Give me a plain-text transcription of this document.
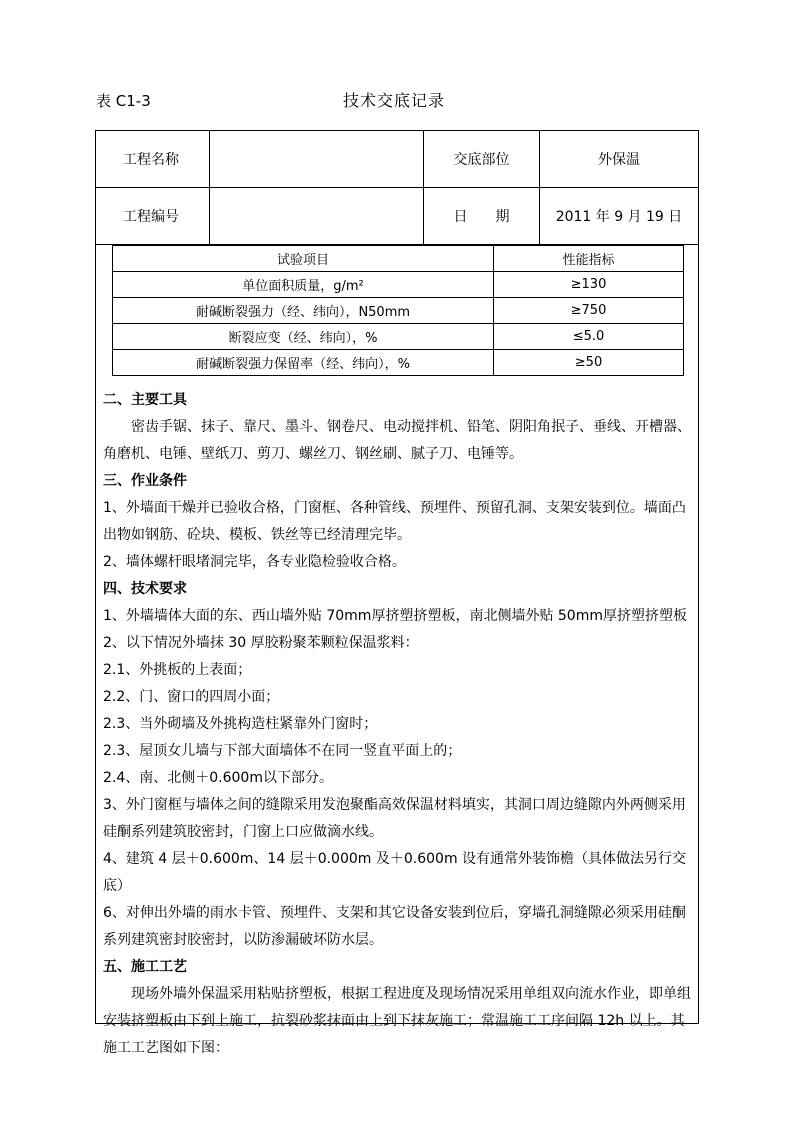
表 C1-3	技术交底记录
工程名称		交底部位	外保温
工程编号		日　　期	2011 年 9 月 19 日
试验项目	性能指标
单位面积质量，g/m²	≥130
耐碱断裂强力（经、纬向），N50mm	≥750
断裂应变（经、纬向），%	≤5.0
耐碱断裂强力保留率（经、纬向），%	≥50

二、主要工具

密齿手锯、抹子、靠尺、墨斗、钢卷尺、电动搅拌机、铅笔、阴阳角抿子、垂线、开槽器、角磨机、电锤、壁纸刀、剪刀、螺丝刀、钢丝刷、腻子刀、电锤等。

三、作业条件

1、外墙面干燥并已验收合格，门窗框、各种管线、预埋件、预留孔洞、支架安装到位。墙面凸出物如钢筋、砼块、模板、铁丝等已经清理完毕。

2、墙体螺杆眼堵洞完毕，各专业隐检验收合格。

四、技术要求

1、外墙墙体大面的东、西山墙外贴 70mm厚挤塑挤塑板，南北侧墙外贴 50mm厚挤塑挤塑板

2、以下情况外墙抹 30 厚胶粉聚苯颗粒保温浆料：

2.1、外挑板的上表面；

2.2、门、窗口的四周小面；

2.3、当外砌墙及外挑构造柱紧靠外门窗时；

2.3、屋顶女儿墙与下部大面墙体不在同一竖直平面上的；

2.4、南、北侧＋0.600m以下部分。

3、外门窗框与墙体之间的缝隙采用发泡聚酯高效保温材料填实，其洞口周边缝隙内外两侧采用硅酮系列建筑胶密封，门窗上口应做滴水线。

4、建筑 4 层＋0.600m、14 层＋0.000m 及＋0.600m 设有通常外装饰檐（具体做法另行交底）

6、对伸出外墙的雨水卡管、预埋件、支架和其它设备安装到位后，穿墙孔洞缝隙必须采用硅酮系列建筑密封胶密封，以防渗漏破坏防水层。

五、施工工艺

现场外墙外保温采用粘贴挤塑板，根据工程进度及现场情况采用单组双向流水作业，即单组安装挤塑板由下到上施工，抗裂砂浆抹面由上到下抹灰施工；常温施工工序间隔 12h 以上。其施工工艺图如下图：
